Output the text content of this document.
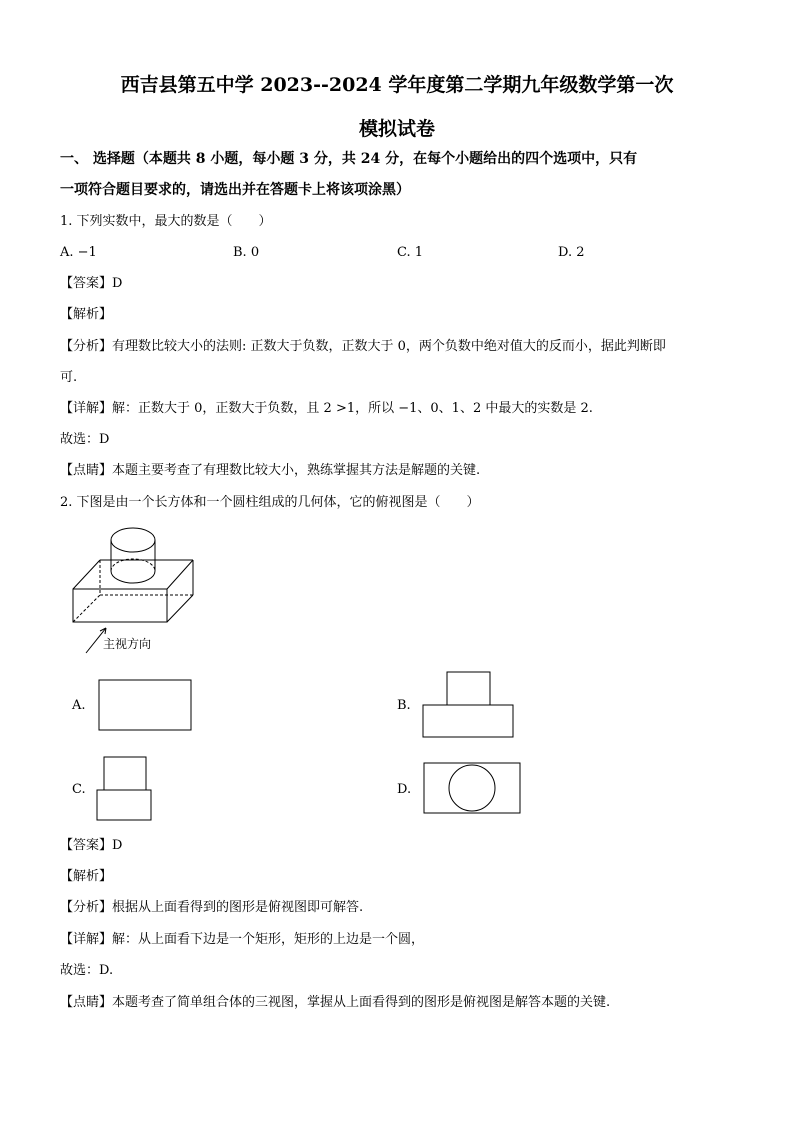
西吉县第五中学 2023--2024 学年度第二学期九年级数学第一次
模拟试卷
一、 选择题（本题共 8 小题，每小题 3 分，共 24 分，在每个小题给出的四个选项中，只有
一项符合题目要求的，请选出并在答题卡上将该项涂黑）
1. 下列实数中，最大的数是（　　）
A. −1	B. 0	C. 1	D. 2
【答案】D
【解析】
【分析】有理数比较大小的法则: 正数大于负数，正数大于 0，两个负数中绝对值大的反而小，据此判断即
可.
【详解】解：正数大于 0，正数大于负数，且 2 >1，所以 −1、0、1、2 中最大的实数是 2.
故选：D
【点睛】本题主要考查了有理数比较大小，熟练掌握其方法是解题的关键.
2. 下图是由一个长方体和一个圆柱组成的几何体，它的俯视图是（　　）
主视方向
A.	B.
C.	D.
【答案】D
【解析】
【分析】根据从上面看得到的图形是俯视图即可解答.
【详解】解：从上面看下边是一个矩形，矩形的上边是一个圆，
故选：D.
【点睛】本题考查了简单组合体的三视图，掌握从上面看得到的图形是俯视图是解答本题的关键.
